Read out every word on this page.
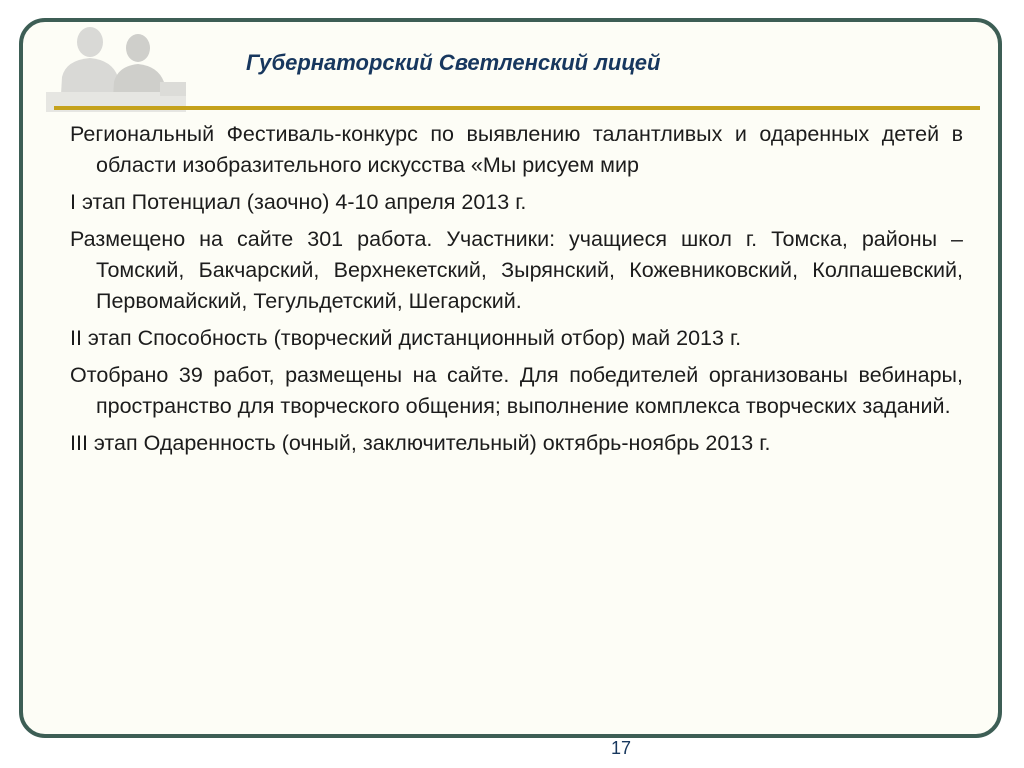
Губернаторский Светленский лицей

Региональный Фестиваль-конкурс по выявлению талантливых и одаренных детей в области изобразительного искусства «Мы рисуем мир

I этап Потенциал (заочно) 4-10 апреля 2013 г.

Размещено на сайте 301 работа. Участники: учащиеся школ г. Томска, районы – Томский, Бакчарский, Верхнекетский, Зырянский, Кожевниковский, Колпашевский, Первомайский, Тегульдетский, Шегарский.

II этап Способность (творческий дистанционный отбор) май 2013 г.

Отобрано 39 работ, размещены на сайте. Для победителей организованы вебинары, пространство для творческого общения; выполнение комплекса творческих заданий.

III этап Одаренность (очный, заключительный) октябрь-ноябрь 2013 г.

17
